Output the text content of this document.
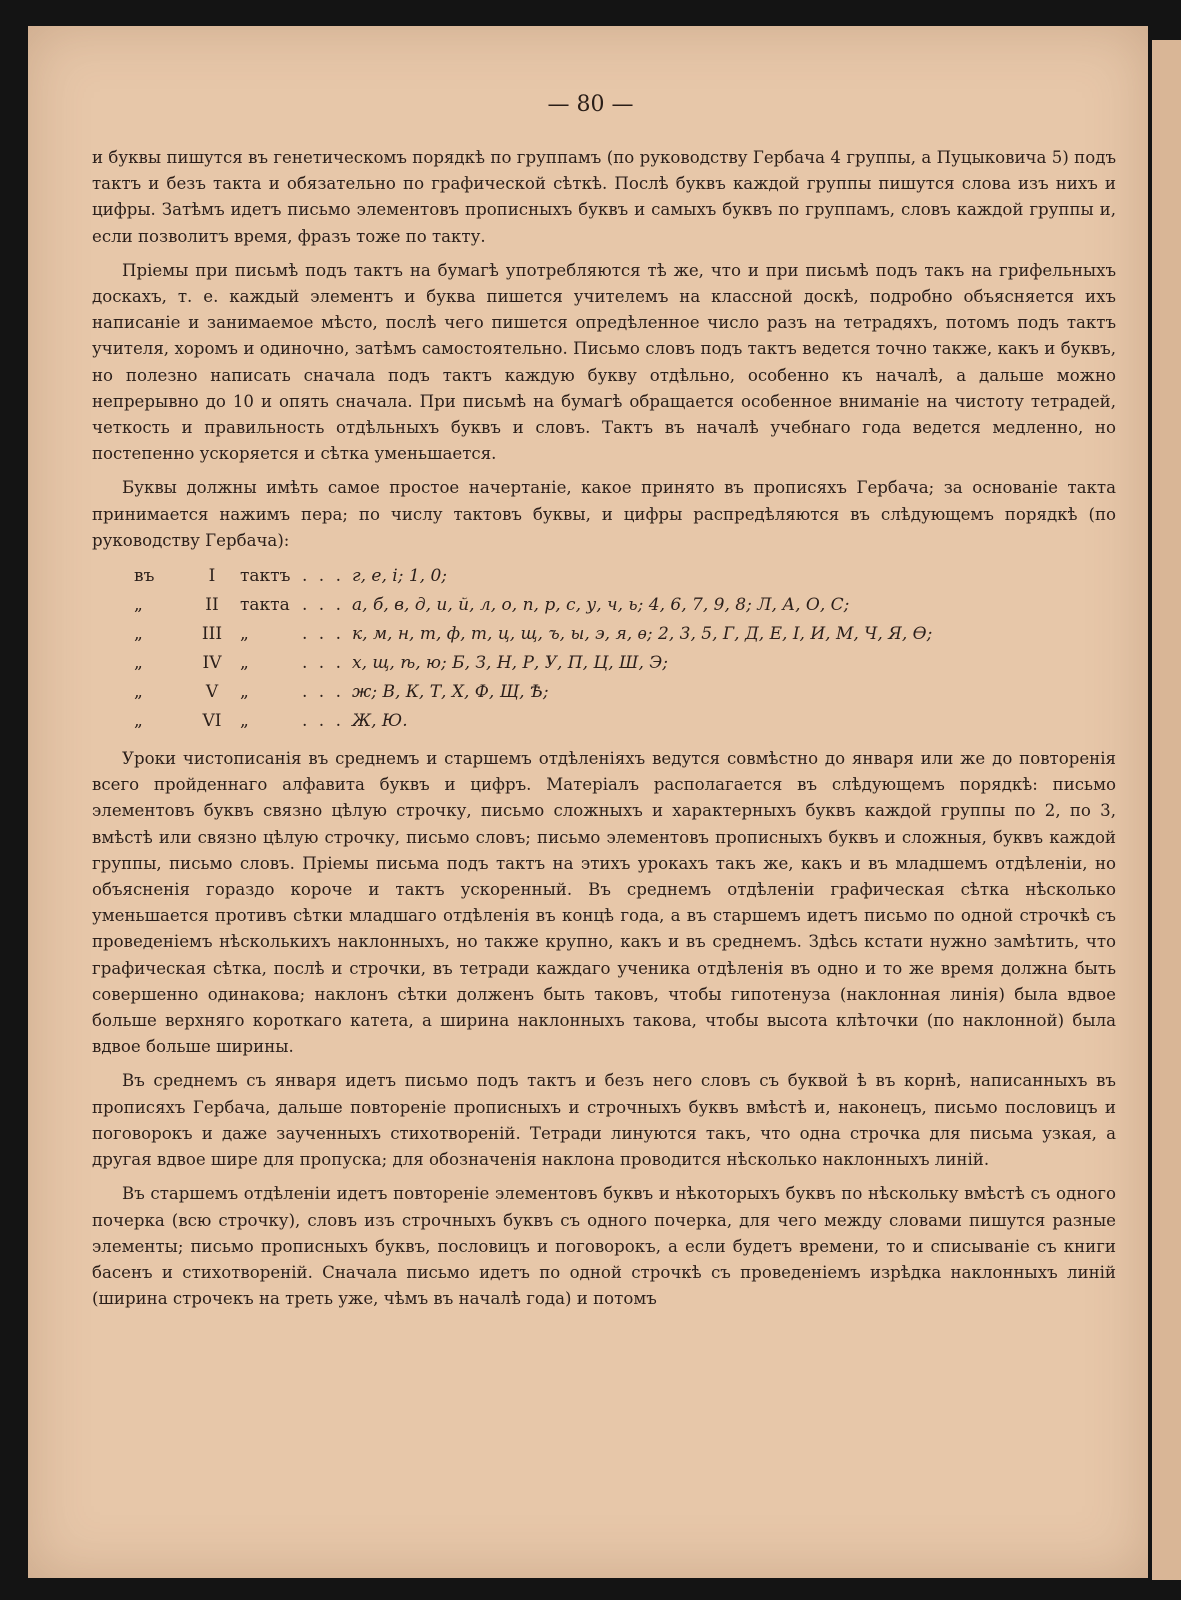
— 80 —

и буквы пишутся въ генетическомъ порядкѣ по группамъ (по руководству Гербача 4 группы, а Пуцыковича 5) подъ тактъ и безъ такта и обязательно по графической сѣткѣ. Послѣ буквъ каждой группы пишутся слова изъ нихъ и цифры. Затѣмъ идетъ письмо элементовъ прописныхъ буквъ и самыхъ буквъ по группамъ, словъ каждой группы и, если позволитъ время, фразъ тоже по такту.

Пріемы при письмѣ подъ тактъ на бумагѣ употребляются тѣ же, что и при письмѣ подъ такъ на грифельныхъ доскахъ, т. е. каждый элементъ и буква пишется учителемъ на классной доскѣ, подробно объясняется ихъ написаніе и занимаемое мѣсто, послѣ чего пишется опредѣленное число разъ на тетрадяхъ, потомъ подъ тактъ учителя, хоромъ и одиночно, затѣмъ самостоятельно. Письмо словъ подъ тактъ ведется точно также, какъ и буквъ, но полезно написать сначала подъ тактъ каждую букву отдѣльно, особенно къ началѣ, а дальше можно непрерывно до 10 и опять сначала. При письмѣ на бумагѣ обращается особенное вниманіе на чистоту тетрадей, четкость и правильность отдѣльныхъ буквъ и словъ. Тактъ въ началѣ учебнаго года ведется медленно, но постепенно ускоряется и сѣтка уменьшается.

Буквы должны имѣть самое простое начертаніе, какое принято въ прописяхъ Гербача; за основаніе такта принимается нажимъ пера; по числу тактовъ буквы, и цифры распредѣляются въ слѣдующемъ порядкѣ (по руководству Гербача):

въ	I	тактъ . . . г, е, і; 1, 0;
„	II	такта . . . а, б, в, д, и, й, л, о, п, р, с, у, ч, ь; 4, 6, 7, 9, 8; Л, А, О, С;
„	III	„	. . . к, м, н, т, ф, т, ц, щ, ъ, ы, э, я, ѳ; 2, 3, 5, Г, Д, Е, І, И, М, Ч, Я, Ѳ;
„	IV	„	. . . х, щ, ѣ, ю; Б, З, Н, Р, У, П, Ц, Ш, Э;
„	V	„	. . . ж; В, К, Т, Х, Ф, Щ, Ѣ;
„	VI	„	. . . Ж, Ю.

Уроки чистописанія въ среднемъ и старшемъ отдѣленіяхъ ведутся совмѣстно до января или же до повторенія всего пройденнаго алфавита буквъ и цифръ. Матеріалъ располагается въ слѣдующемъ порядкѣ: письмо элементовъ буквъ связно цѣлую строчку, письмо сложныхъ и характерныхъ буквъ каждой группы по 2, по 3, вмѣстѣ или связно цѣлую строчку, письмо словъ; письмо элементовъ прописныхъ буквъ и сложныя, буквъ каждой группы, письмо словъ. Пріемы письма подъ тактъ на этихъ урокахъ такъ же, какъ и въ младшемъ отдѣленіи, но объясненія гораздо короче и тактъ ускоренный. Въ среднемъ отдѣленіи графическая сѣтка нѣсколько уменьшается противъ сѣтки младшаго отдѣленія въ концѣ года, а въ старшемъ идетъ письмо по одной строчкѣ съ проведеніемъ нѣсколькихъ наклонныхъ, но также крупно, какъ и въ среднемъ. Здѣсь кстати нужно замѣтить, что графическая сѣтка, послѣ и строчки, въ тетради каждаго ученика отдѣленія въ одно и то же время должна быть совершенно одинакова; наклонъ сѣтки долженъ быть таковъ, чтобы гипотенуза (наклонная линія) была вдвое больше верхняго короткаго катета, а ширина наклонныхъ такова, чтобы высота клѣточки (по наклонной) была вдвое больше ширины.

Въ среднемъ съ января идетъ письмо подъ тактъ и безъ него словъ съ буквой ѣ въ корнѣ, написанныхъ въ прописяхъ Гербача, дальше повтореніе прописныхъ и строчныхъ буквъ вмѣстѣ и, наконецъ, письмо пословицъ и поговорокъ и даже заученныхъ стихотвореній. Тетради линуются такъ, что одна строчка для письма узкая, а другая вдвое шире для пропуска; для обозначенія наклона проводится нѣсколько наклонныхъ линій.

Въ старшемъ отдѣленіи идетъ повтореніе элементовъ буквъ и нѣкоторыхъ буквъ по нѣскольку вмѣстѣ съ одного почерка (всю строчку), словъ изъ строчныхъ буквъ съ одного почерка, для чего между словами пишутся разные элементы; письмо прописныхъ буквъ, пословицъ и поговорокъ, а если будетъ времени, то и списываніе съ книги басенъ и стихотвореній. Сначала письмо идетъ по одной строчкѣ съ проведеніемъ изрѣдка наклонныхъ линій (ширина строчекъ на треть уже, чѣмъ въ началѣ года) и потомъ
